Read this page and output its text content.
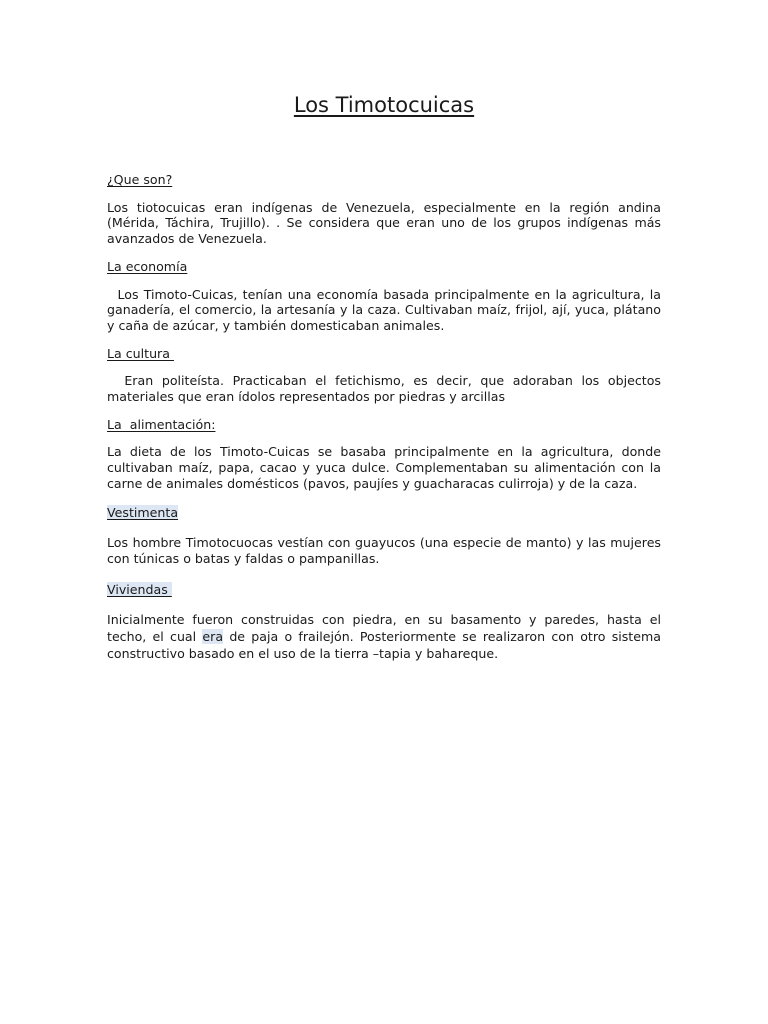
Los Timotocuicas

¿Que son?

Los tiotocuicas eran indígenas de Venezuela, especialmente en la región andina (Mérida, Táchira, Trujillo). . Se considera que eran uno de los grupos indígenas más avanzados de Venezuela.

La economía

Los Timoto-Cuicas, tenían una economía basada principalmente en la agricultura, la ganadería, el comercio, la artesanía y la caza. Cultivaban maíz, frijol, ají, yuca, plátano y caña de azúcar, y también domesticaban animales.

La cultura

Eran politeísta. Practicaban el fetichismo, es decir, que adoraban los objectos materiales que eran ídolos representados por piedras y arcillas

La  alimentación:

La dieta de los Timoto-Cuicas se basaba principalmente en la agricultura, donde cultivaban maíz, papa, cacao y yuca dulce. Complementaban su alimentación con la carne de animales domésticos (pavos, paujíes y guacharacas culirroja) y de la caza.

Vestimenta

Los hombre Timotocuocas vestían con guayucos (una especie de manto) y las mujeres con túnicas o batas y faldas o pampanillas.

Viviendas

Inicialmente fueron construidas con piedra, en su basamento y paredes, hasta el techo, el cual era de paja o frailejón. Posteriormente se realizaron con otro sistema constructivo basado en el uso de la tierra –tapia y bahareque.
